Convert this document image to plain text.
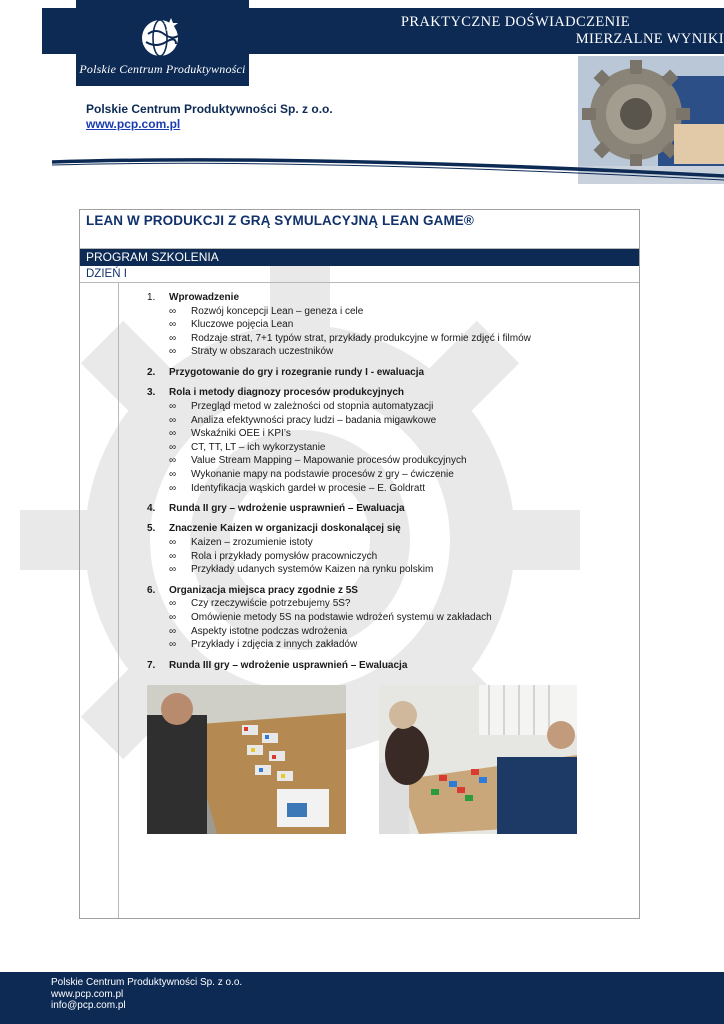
PRAKTYCZNE DOŚWIADCZENIE
MIERZALNE WYNIKI
Polskie Centrum Produktywności
Polskie Centrum Produktywności Sp. z o.o.
www.pcp.com.pl
LEAN W PRODUKCJI Z GRĄ SYMULACYJNĄ LEAN GAME®
PROGRAM SZKOLENIA
DZIEŃ I
1. Wprowadzenie
∞ Rozwój koncepcji Lean – geneza i cele
∞ Kluczowe pojęcia Lean
∞ Rodzaje strat, 7+1 typów strat, przykłady produkcyjne w formie zdjęć i filmów
∞ Straty w obszarach uczestników
2. Przygotowanie do gry i rozegranie rundy I - ewaluacja
3. Rola i metody diagnozy procesów produkcyjnych
∞ Przegląd metod w zależności od stopnia automatyzacji
∞ Analiza efektywności pracy ludzi – badania migawkowe
∞ Wskaźniki OEE i KPI’s
∞ CT, TT, LT – ich wykorzystanie
∞ Value Stream Mapping – Mapowanie procesów produkcyjnych
∞ Wykonanie mapy na podstawie procesów z gry – ćwiczenie
∞ Identyfikacja wąskich gardeł w procesie – E. Goldratt
4. Runda II gry – wdrożenie usprawnień – Ewaluacja
5. Znaczenie Kaizen w organizacji doskonalącej się
∞ Kaizen – zrozumienie istoty
∞ Rola i przykłady pomysłów pracowniczych
∞ Przykłady udanych systemów Kaizen na rynku polskim
6. Organizacja miejsca pracy zgodnie z 5S
∞ Czy rzeczywiście potrzebujemy 5S?
∞ Omówienie metody 5S na podstawie wdrożeń systemu w zakładach
∞ Aspekty istotne podczas wdrożenia
∞ Przykłady i zdjęcia z innych zakładów
7. Runda III gry – wdrożenie usprawnień – Ewaluacja
Polskie Centrum Produktywności Sp. z o.o.
www.pcp.com.pl
info@pcp.com.pl
